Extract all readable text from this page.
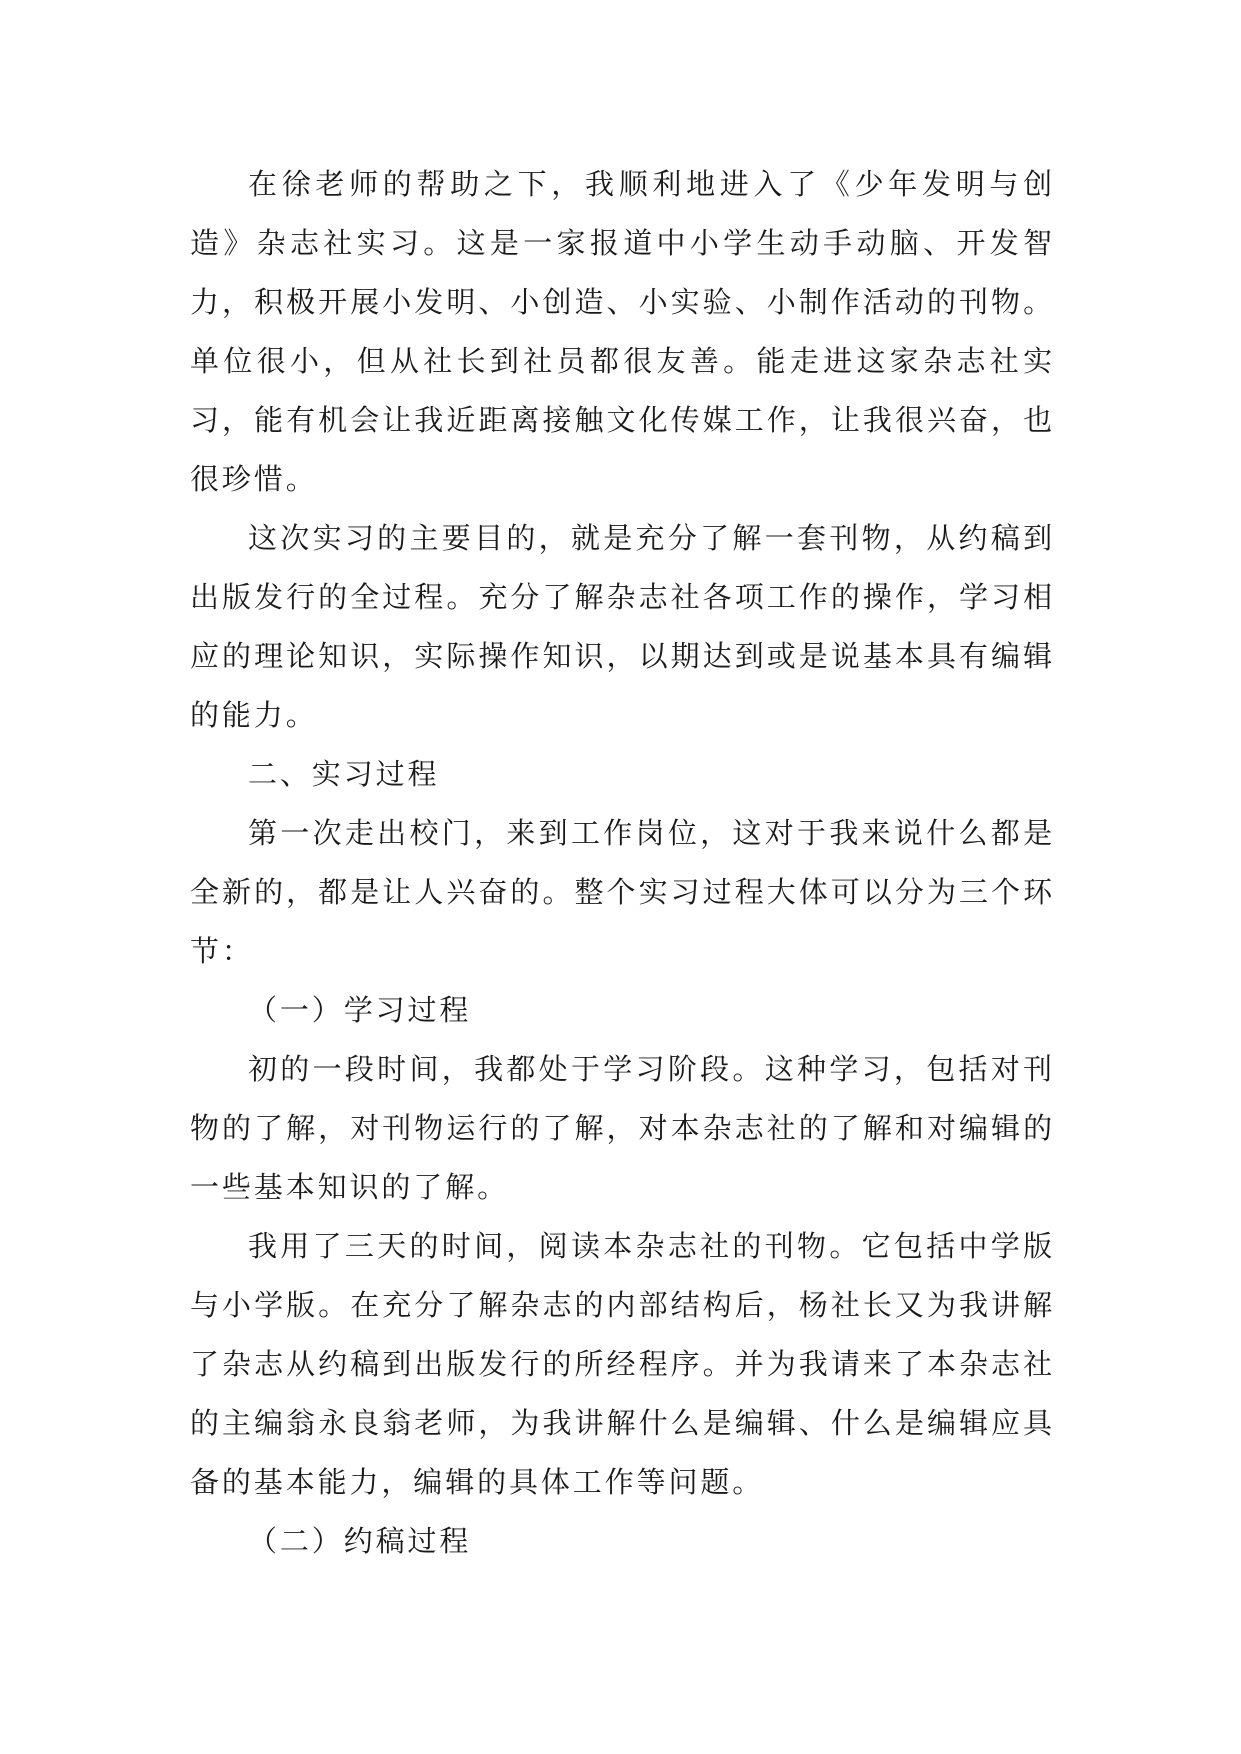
在徐老师的帮助之下，我顺利地进入了《少年发明与创造》杂志社实习。这是一家报道中小学生动手动脑、开发智力，积极开展小发明、小创造、小实验、小制作活动的刊物。单位很小，但从社长到社员都很友善。能走进这家杂志社实习，能有机会让我近距离接触文化传媒工作，让我很兴奋，也很珍惜。

这次实习的主要目的，就是充分了解一套刊物，从约稿到出版发行的全过程。充分了解杂志社各项工作的操作，学习相应的理论知识，实际操作知识，以期达到或是说基本具有编辑的能力。

二、实习过程

第一次走出校门，来到工作岗位，这对于我来说什么都是全新的，都是让人兴奋的。整个实习过程大体可以分为三个环节：

（一）学习过程

初的一段时间，我都处于学习阶段。这种学习，包括对刊物的了解，对刊物运行的了解，对本杂志社的了解和对编辑的一些基本知识的了解。

我用了三天的时间，阅读本杂志社的刊物。它包括中学版与小学版。在充分了解杂志的内部结构后，杨社长又为我讲解了杂志从约稿到出版发行的所经程序。并为我请来了本杂志社的主编翁永良翁老师，为我讲解什么是编辑、什么是编辑应具备的基本能力，编辑的具体工作等问题。

（二）约稿过程
